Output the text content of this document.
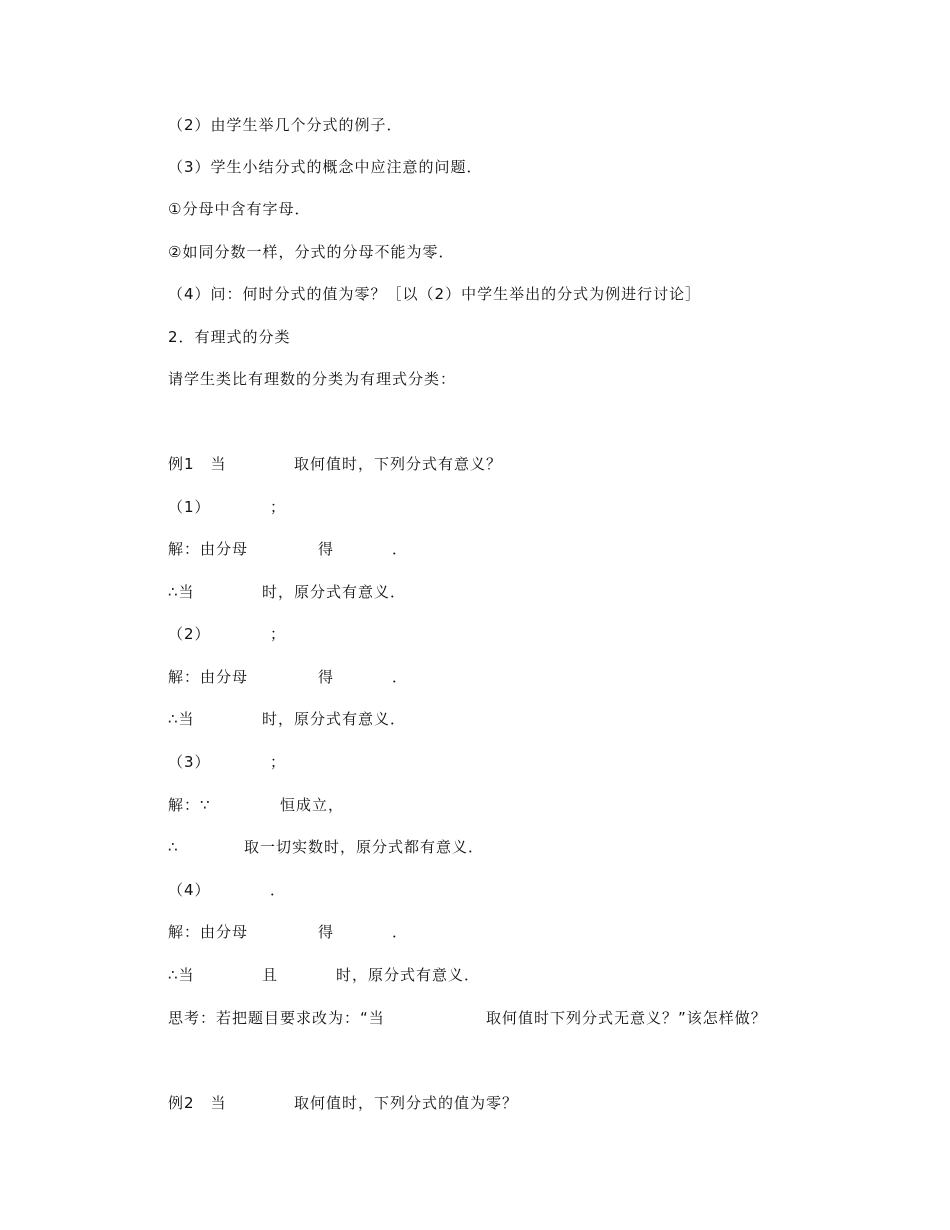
（2）由学生举几个分式的例子．
（3）学生小结分式的概念中应注意的问题．
①分母中含有字母．
②如同分数一样，分式的分母不能为零．
（4）问：何时分式的值为零？［以（2）中学生举出的分式为例进行讨论］
2．有理式的分类
请学生类比有理数的分类为有理式分类：

例1　当

	取何值时，下列分式有意义？

（1）

	；

解：由分母

	得

	．

∴当

	时，原分式有意义．

（2）

	；

解：由分母

	得

	．

∴当

	时，原分式有意义．

（3）

	；

解：∵

	恒成立，

∴

	取一切实数时，原分式都有意义．

（4）

	．

解：由分母

	得

	．

∴当

	且

	时，原分式有意义．

思考：若把题目要求改为：“当

	取何值时下列分式无意义？”该怎样做？

例2　当

	取何值时，下列分式的值为零？
